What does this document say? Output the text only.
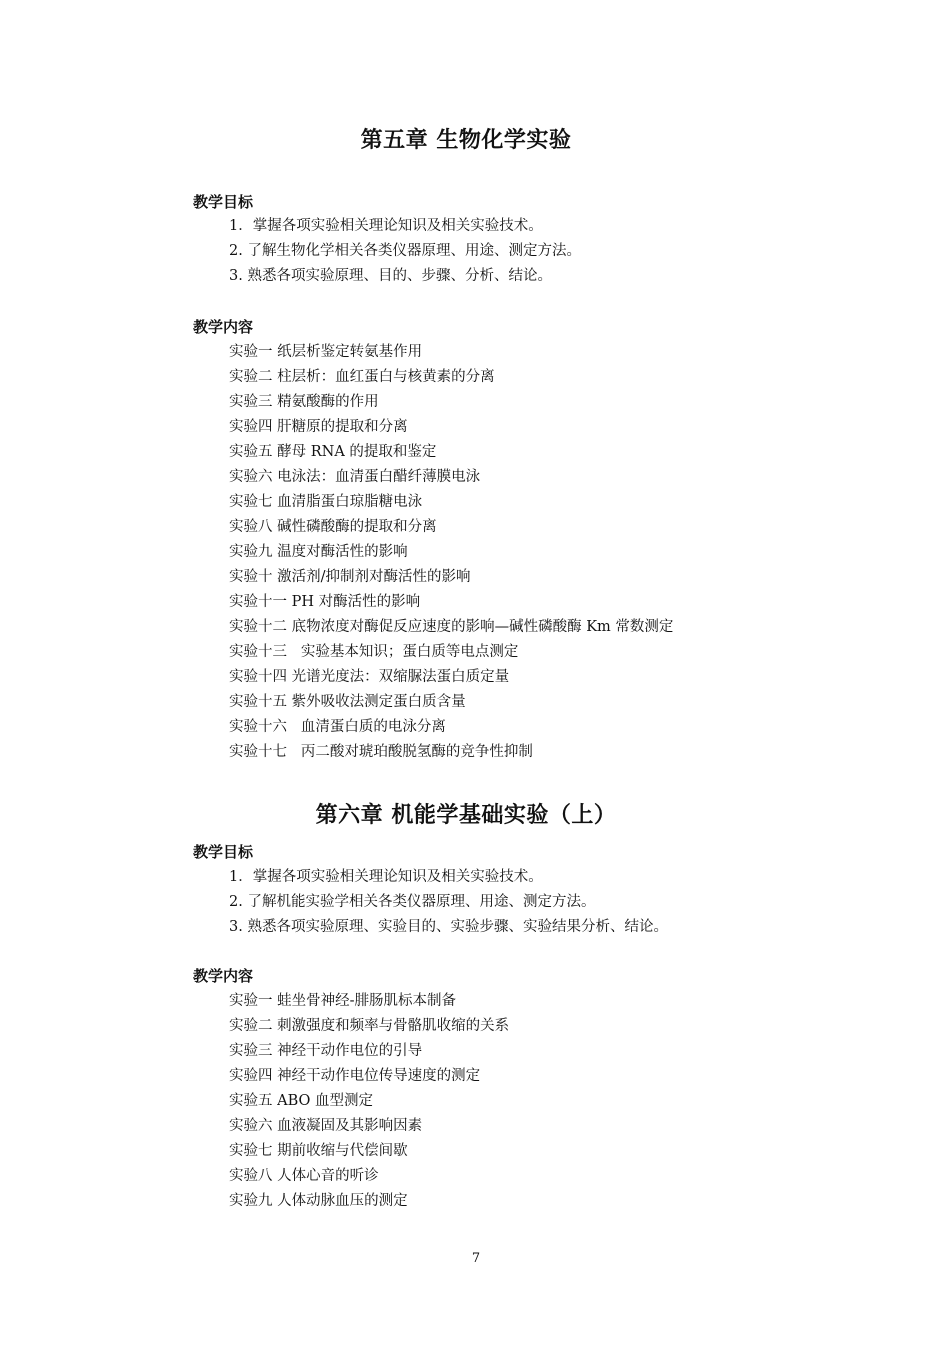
第五章 生物化学实验
教学目标
1．掌握各项实验相关理论知识及相关实验技术。
2. 了解生物化学相关各类仪器原理、用途、测定方法。
3. 熟悉各项实验原理、目的、步骤、分析、结论。
教学内容
实验一 纸层析鉴定转氨基作用
实验二 柱层析：血红蛋白与核黄素的分离
实验三 精氨酸酶的作用
实验四 肝糖原的提取和分离
实验五 酵母 RNA 的提取和鉴定
实验六 电泳法：血清蛋白醋纤薄膜电泳
实验七 血清脂蛋白琼脂糖电泳
实验八 碱性磷酸酶的提取和分离
实验九 温度对酶活性的影响
实验十 激活剂/抑制剂对酶活性的影响
实验十一 PH 对酶活性的影响
实验十二 底物浓度对酶促反应速度的影响—碱性磷酸酶 Km 常数测定
实验十三   实验基本知识；蛋白质等电点测定
实验十四 光谱光度法：双缩脲法蛋白质定量
实验十五 紫外吸收法测定蛋白质含量
实验十六   血清蛋白质的电泳分离
实验十七   丙二酸对琥珀酸脱氢酶的竞争性抑制
第六章 机能学基础实验（上）
教学目标
1．掌握各项实验相关理论知识及相关实验技术。
2. 了解机能实验学相关各类仪器原理、用途、测定方法。
3. 熟悉各项实验原理、实验目的、实验步骤、实验结果分析、结论。
教学内容
实验一 蛙坐骨神经-腓肠肌标本制备
实验二 刺激强度和频率与骨骼肌收缩的关系
实验三 神经干动作电位的引导
实验四 神经干动作电位传导速度的测定
实验五 ABO 血型测定
实验六 血液凝固及其影响因素
实验七 期前收缩与代偿间歇
实验八 人体心音的听诊
实验九 人体动脉血压的测定
7
